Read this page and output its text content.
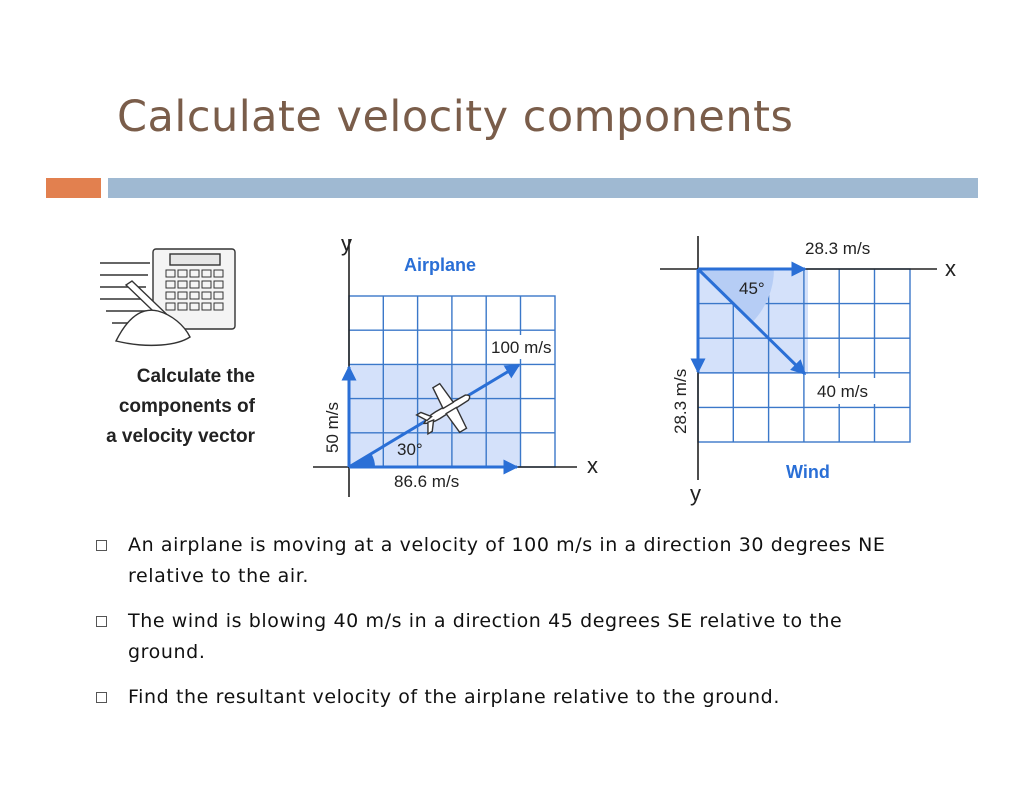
Calculate velocity components
Calculate the
components of
a velocity vector
y
x
Airplane
100 m/s
86.6 m/s
30°
50 m/s
28.3 m/s
x
45°
40 m/s
Wind
y
28.3 m/s
An airplane is moving at a velocity of 100 m/s in a direction 30 degrees NE relative to the air.
The wind is blowing 40 m/s in a direction 45 degrees SE relative to the ground.
Find the resultant velocity of the airplane relative to the ground.
